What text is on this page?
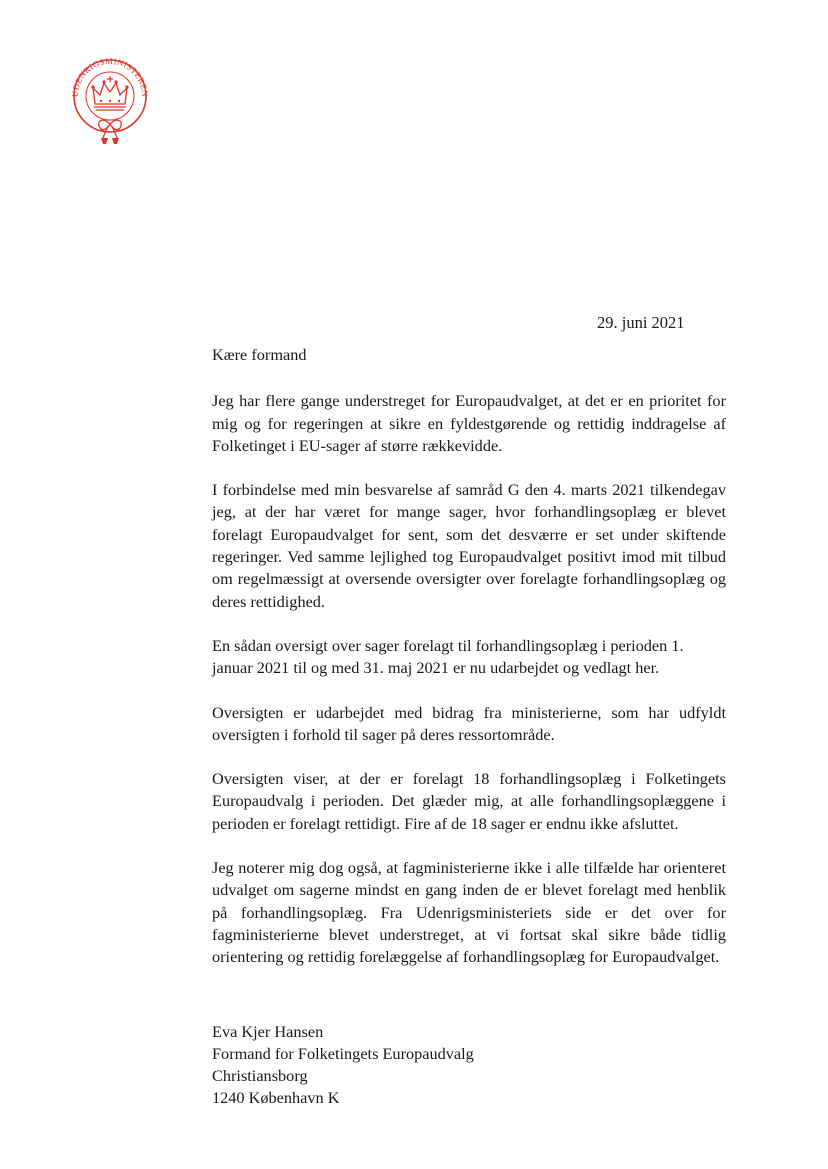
UDENRIGSMINISTEREN
29. juni 2021

Kære formand

Jeg har flere gange understreget for Europaudvalget, at det er en prioritet for mig og for regeringen at sikre en fyldestgørende og rettidig inddragelse af Folketinget i EU-sager af større rækkevidde.

I forbindelse med min besvarelse af samråd G den 4. marts 2021 tilkendegav jeg, at der har været for mange sager, hvor forhandlingsoplæg er blevet forelagt Europaudvalget for sent, som det desværre er set under skiftende regeringer. Ved samme lejlighed tog Europaudvalget positivt imod mit tilbud om regelmæssigt at oversende oversigter over forelagte forhandlingsoplæg og deres rettidighed.

En sådan oversigt over sager forelagt til forhandlingsoplæg i perioden 1. januar 2021 til og med 31. maj 2021 er nu udarbejdet og vedlagt her.

Oversigten er udarbejdet med bidrag fra ministerierne, som har udfyldt oversigten i forhold til sager på deres ressortområde.

Oversigten viser, at der er forelagt 18 forhandlingsoplæg i Folketingets Europaudvalg i perioden. Det glæder mig, at alle forhandlingsoplæggene i perioden er forelagt rettidigt. Fire af de 18 sager er endnu ikke afsluttet.

Jeg noterer mig dog også, at fagministerierne ikke i alle tilfælde har orienteret udvalget om sagerne mindst en gang inden de er blevet forelagt med henblik på forhandlingsoplæg. Fra Udenrigsministeriets side er det over for fagministerierne blevet understreget, at vi fortsat skal sikre både tidlig orientering og rettidig forelæggelse af forhandlingsoplæg for Europaudvalget.

Eva Kjer Hansen
Formand for Folketingets Europaudvalg
Christiansborg
1240 København K
